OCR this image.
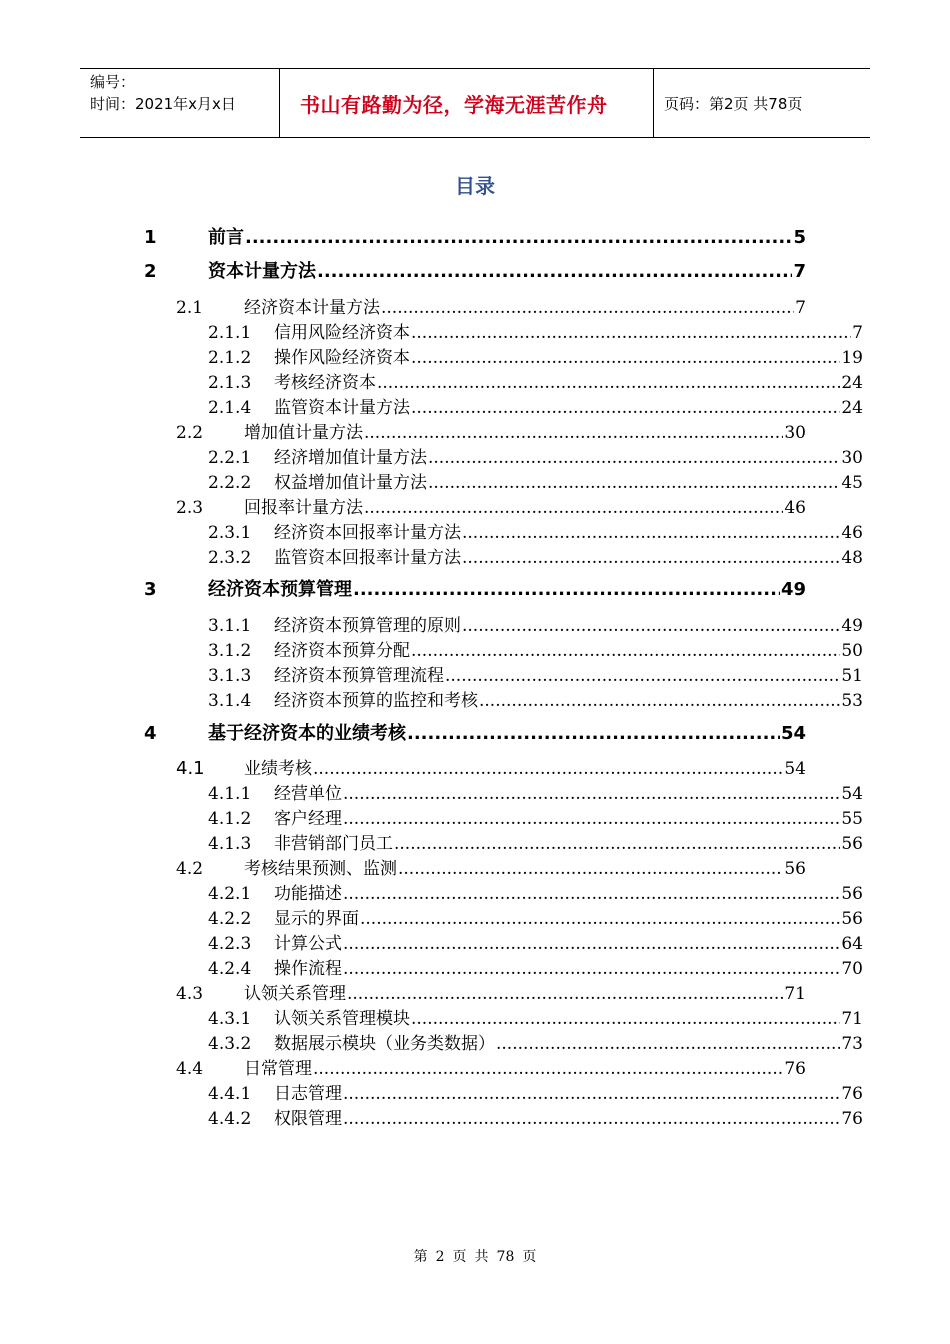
编号：
时间：2021年x月x日	书山有路勤为径，学海无涯苦作舟	页码：第2页 共78页
目录
1	前言 .....	5
2	资本计量方法 .....	7
2.1	经济资本计量方法 .....	7
2.1.1	信用风险经济资本 .....	7
2.1.2	操作风险经济资本 .....	19
2.1.3	考核经济资本 .....	24
2.1.4	监管资本计量方法 .....	24
2.2	增加值计量方法 .....	30
2.2.1	经济增加值计量方法 .....	30
2.2.2	权益增加值计量方法 .....	45
2.3	回报率计量方法 .....	46
2.3.1	经济资本回报率计量方法 .....	46
2.3.2	监管资本回报率计量方法 .....	48
3	经济资本预算管理 .....	49
3.1.1	经济资本预算管理的原则 .....	49
3.1.2	经济资本预算分配 .....	50
3.1.3	经济资本预算管理流程 .....	51
3.1.4	经济资本预算的监控和考核 .....	53
4	基于经济资本的业绩考核 .....	54
4.1	业绩考核 .....	54
4.1.1	经营单位 .....	54
4.1.2	客户经理 .....	55
4.1.3	非营销部门员工 .....	56
4.2	考核结果预测、监测 .....	56
4.2.1	功能描述 .....	56
4.2.2	显示的界面 .....	56
4.2.3	计算公式 .....	64
4.2.4	操作流程 .....	70
4.3	认领关系管理 .....	71
4.3.1	认领关系管理模块 .....	71
4.3.2	数据展示模块（业务类数据） .....	73
4.4	日常管理 .....	76
4.4.1	日志管理 .....	76
4.4.2	权限管理 .....	76
第 2 页 共 78 页
